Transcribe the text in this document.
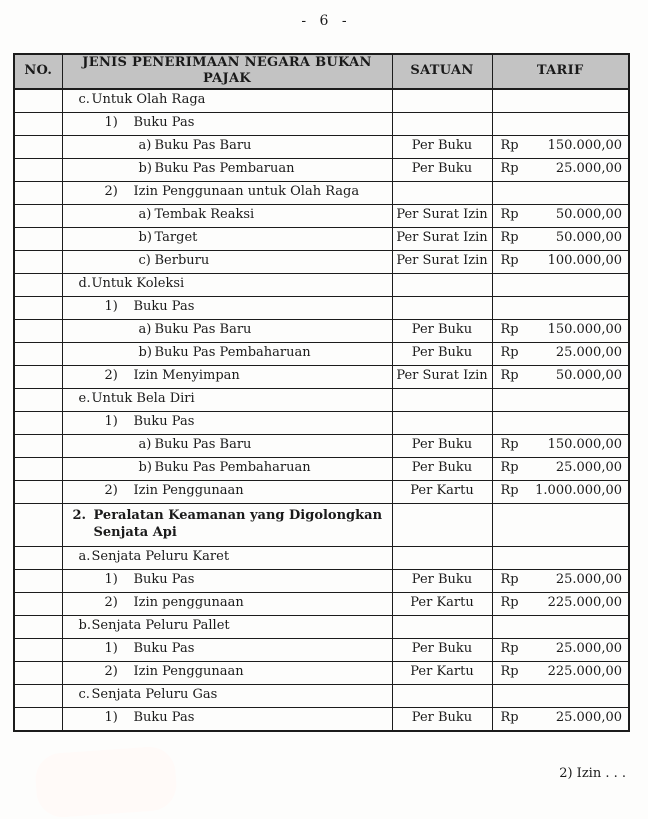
- 6 -
NO.	JENIS PENERIMAAN NEGARA BUKAN PAJAK	SATUAN	TARIF

	c. Untuk Olah Raga		

	1) Buku Pas		

	a) Buku Pas Baru	Per Buku	Rp 150.000,00

	b) Buku Pas Pembaruan	Per Buku	Rp 25.000,00

	2) Izin Penggunaan untuk Olah Raga		

	a) Tembak Reaksi	Per Surat Izin	Rp 50.000,00

	b) Target	Per Surat Izin	Rp 50.000,00

	c) Berburu	Per Surat Izin	Rp 100.000,00

	d. Untuk Koleksi		

	1) Buku Pas		

	a) Buku Pas Baru	Per Buku	Rp 150.000,00

	b) Buku Pas Pembaharuan	Per Buku	Rp 25.000,00

	2) Izin Menyimpan	Per Surat Izin	Rp 50.000,00

	e. Untuk Bela Diri		

	1) Buku Pas		

	a) Buku Pas Baru	Per Buku	Rp 150.000,00

	b) Buku Pas Pembaharuan	Per Buku	Rp 25.000,00

	2) Izin Penggunaan	Per Kartu	Rp 1.000.000,00

	2. Peralatan Keamanan yang Digolongkan
Senjata Api		

	a. Senjata Peluru Karet		

	1) Buku Pas	Per Buku	Rp 25.000,00

	2) Izin penggunaan	Per Kartu	Rp 225.000,00

	b. Senjata Peluru Pallet		

	1) Buku Pas	Per Buku	Rp 25.000,00

	2) Izin Penggunaan	Per Kartu	Rp 225.000,00

	c. Senjata Peluru Gas		

	1) Buku Pas	Per Buku	Rp 25.000,00
2) Izin . . .
